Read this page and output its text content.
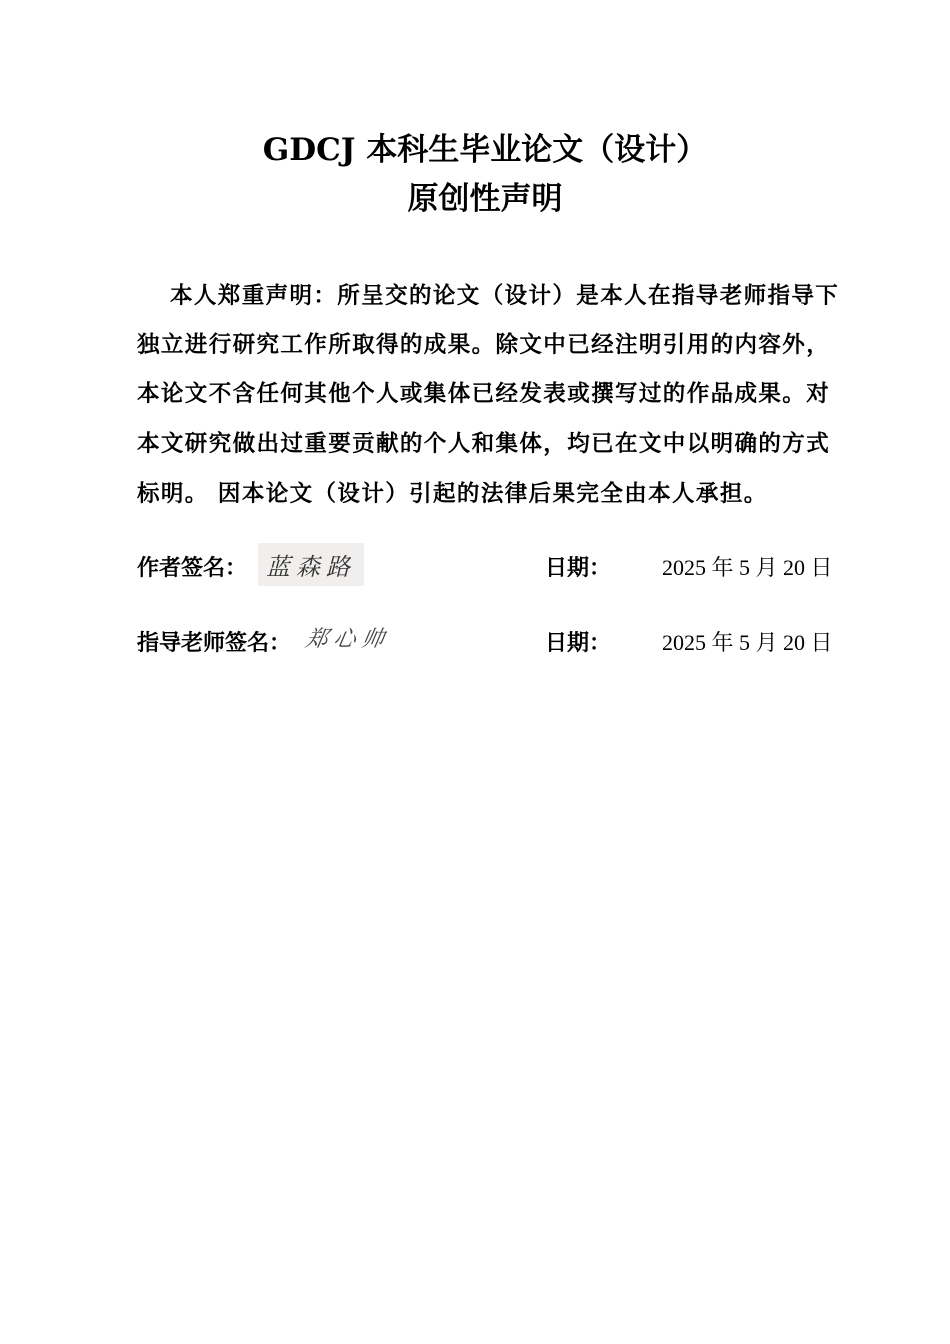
GDCJ 本科生毕业论文（设计）
原创性声明
本人郑重声明：所呈交的论文（设计）是本人在指导老师指导下
独立进行研究工作所取得的成果。除文中已经注明引用的内容外，
本论文不含任何其他个人或集体已经发表或撰写过的作品成果。对
本文研究做出过重要贡献的个人和集体，均已在文中以明确的方式
标明。 因本论文（设计）引起的法律后果完全由本人承担。
作者签名： 蓝森路	日期： 2025 年 5 月 20 日
指导老师签名： 郑心帅	日期： 2025 年 5 月 20 日
